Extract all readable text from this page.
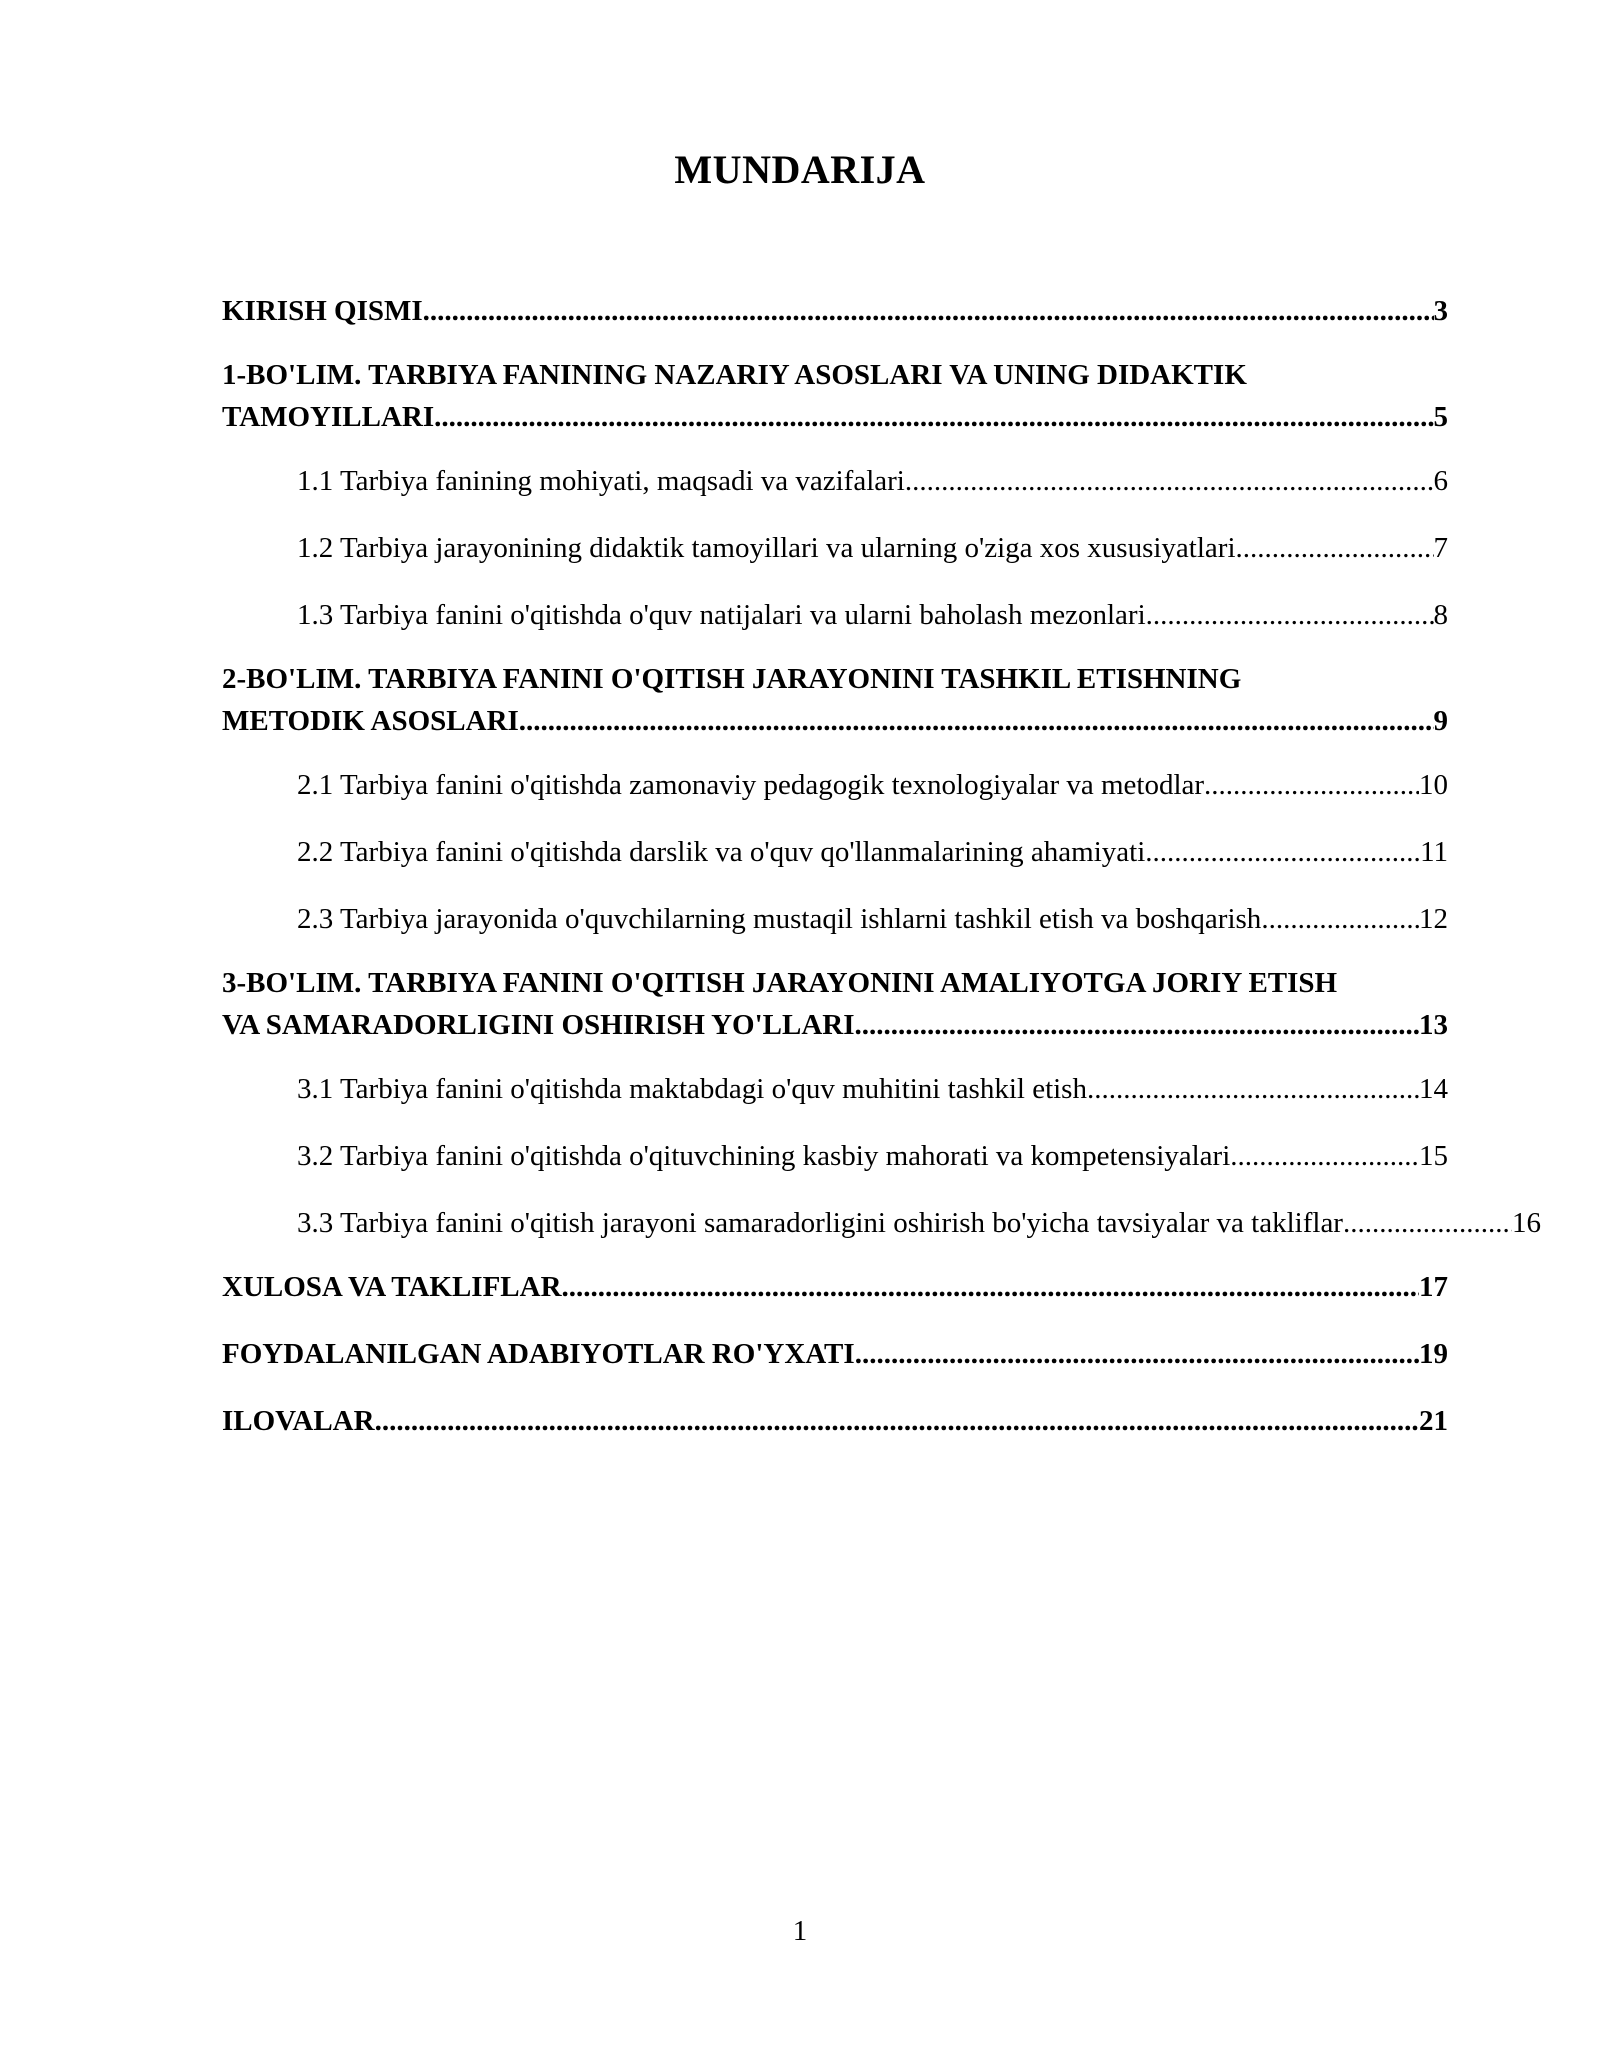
MUNDARIJA
KIRISH QISMI .....	3
1-BO'LIM. TARBIYA FANINING NAZARIY ASOSLARI VA UNING DIDAKTIK
TAMOYILLARI .....	5
1.1 Tarbiya fanining mohiyati, maqsadi va vazifalari .....	6
1.2 Tarbiya jarayonining didaktik tamoyillari va ularning o'ziga xos xususiyatlari .....	7
1.3 Tarbiya fanini o'qitishda o'quv natijalari va ularni baholash mezonlari .....	8
2-BO'LIM. TARBIYA FANINI O'QITISH JARAYONINI TASHKIL ETISHNING
METODIK ASOSLARI .....	9
2.1 Tarbiya fanini o'qitishda zamonaviy pedagogik texnologiyalar va metodlar .....	10
2.2 Tarbiya fanini o'qitishda darslik va o'quv qo'llanmalarining ahamiyati .....	11
2.3 Tarbiya jarayonida o'quvchilarning mustaqil ishlarni tashkil etish va boshqarish .....	12
3-BO'LIM. TARBIYA FANINI O'QITISH JARAYONINI AMALIYOTGA JORIY ETISH
VA SAMARADORLIGINI OSHIRISH YO'LLARI .....	13
3.1 Tarbiya fanini o'qitishda maktabdagi o'quv muhitini tashkil etish .....	14
3.2 Tarbiya fanini o'qitishda o'qituvchining kasbiy mahorati va kompetensiyalari .....	15
3.3 Tarbiya fanini o'qitish jarayoni samaradorligini oshirish bo'yicha tavsiyalar va takliflar .....	16
XULOSA VA TAKLIFLAR .....	17
FOYDALANILGAN ADABIYOTLAR RO'YXATI .....	19
ILOVALAR .....	21
1
